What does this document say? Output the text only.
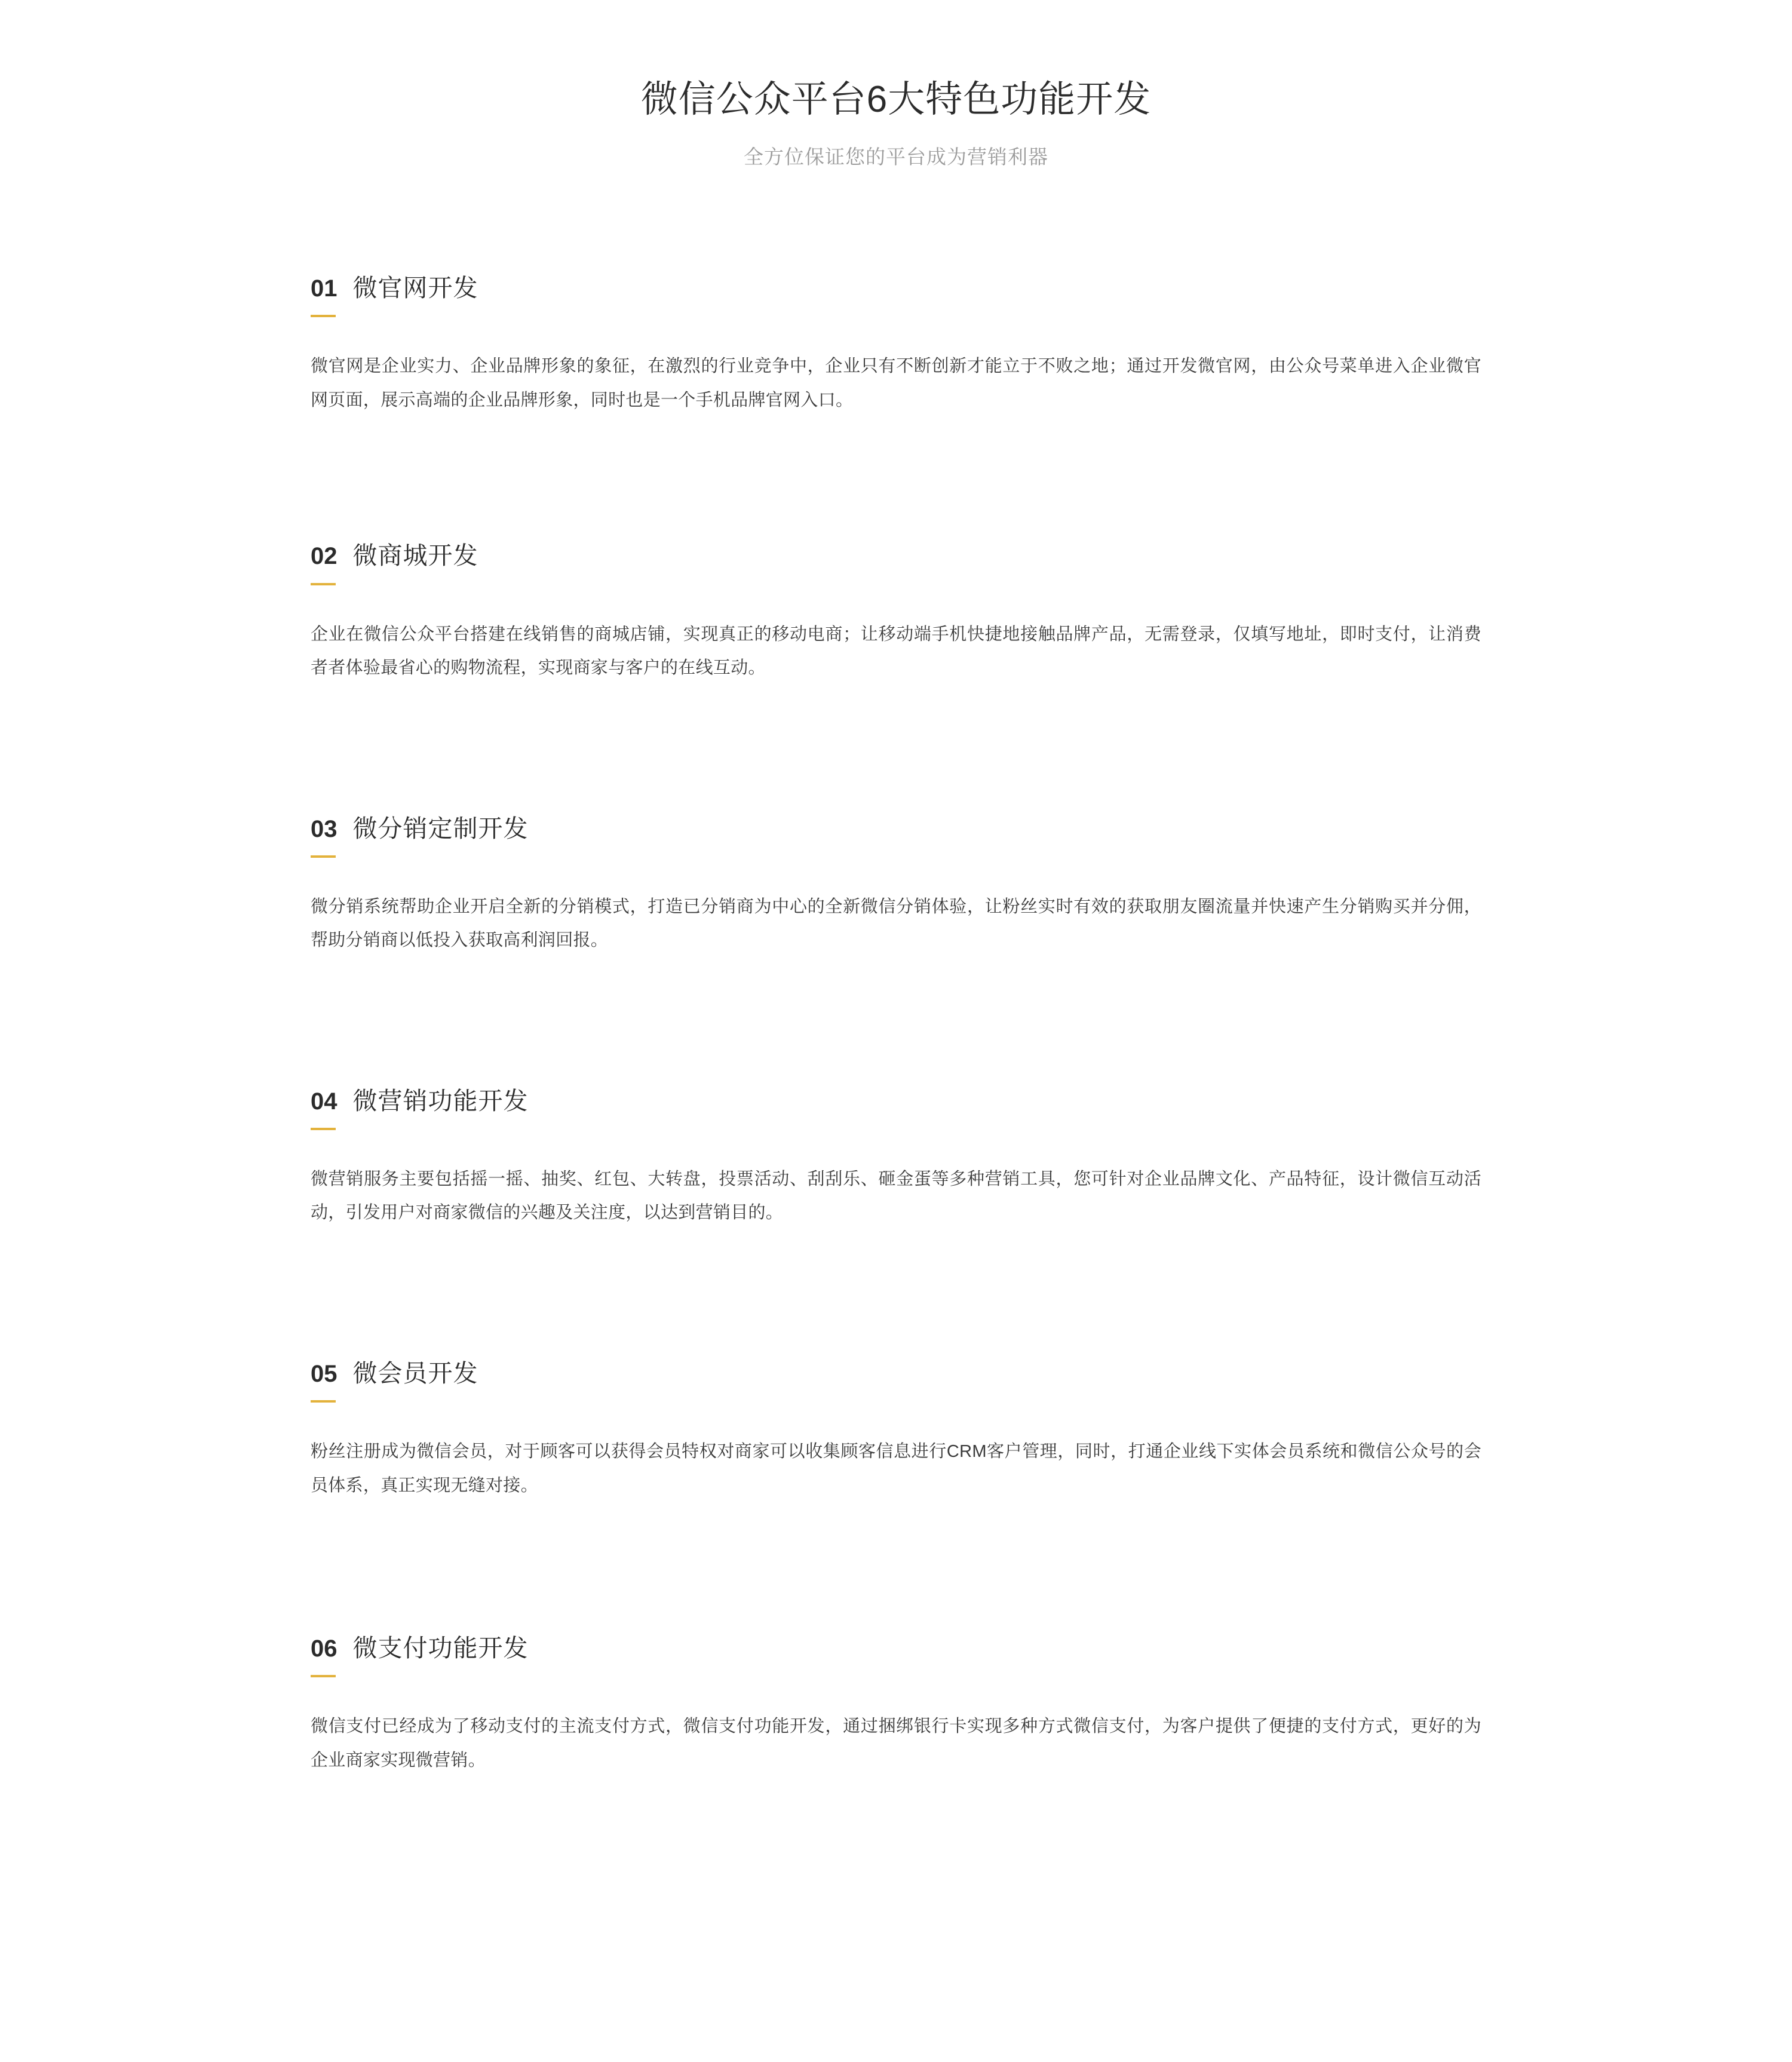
微信公众平台6大特色功能开发

全方位保证您的平台成为营销利器

01 微官网开发

微官网是企业实力、企业品牌形象的象征，在激烈的行业竞争中，企业只有不断创新才能立于不败之地；通过开发微官网，由公众号菜单进入企业微官网页面，展示高端的企业品牌形象，同时也是一个手机品牌官网入口。

02 微商城开发

企业在微信公众平台搭建在线销售的商城店铺，实现真正的移动电商；让移动端手机快捷地接触品牌产品，无需登录，仅填写地址，即时支付，让消费者者体验最省心的购物流程，实现商家与客户的在线互动。

03 微分销定制开发

微分销系统帮助企业开启全新的分销模式，打造已分销商为中心的全新微信分销体验，让粉丝实时有效的获取朋友圈流量并快速产生分销购买并分佣，帮助分销商以低投入获取高利润回报。

04 微营销功能开发

微营销服务主要包括摇一摇、抽奖、红包、大转盘，投票活动、刮刮乐、砸金蛋等多种营销工具，您可针对企业品牌文化、产品特征，设计微信互动活动，引发用户对商家微信的兴趣及关注度，以达到营销目的。

05 微会员开发

粉丝注册成为微信会员，对于顾客可以获得会员特权对商家可以收集顾客信息进行CRM客户管理，同时，打通企业线下实体会员系统和微信公众号的会员体系，真正实现无缝对接。

06 微支付功能开发

微信支付已经成为了移动支付的主流支付方式，微信支付功能开发，通过捆绑银行卡实现多种方式微信支付，为客户提供了便捷的支付方式，更好的为企业商家实现微营销。
